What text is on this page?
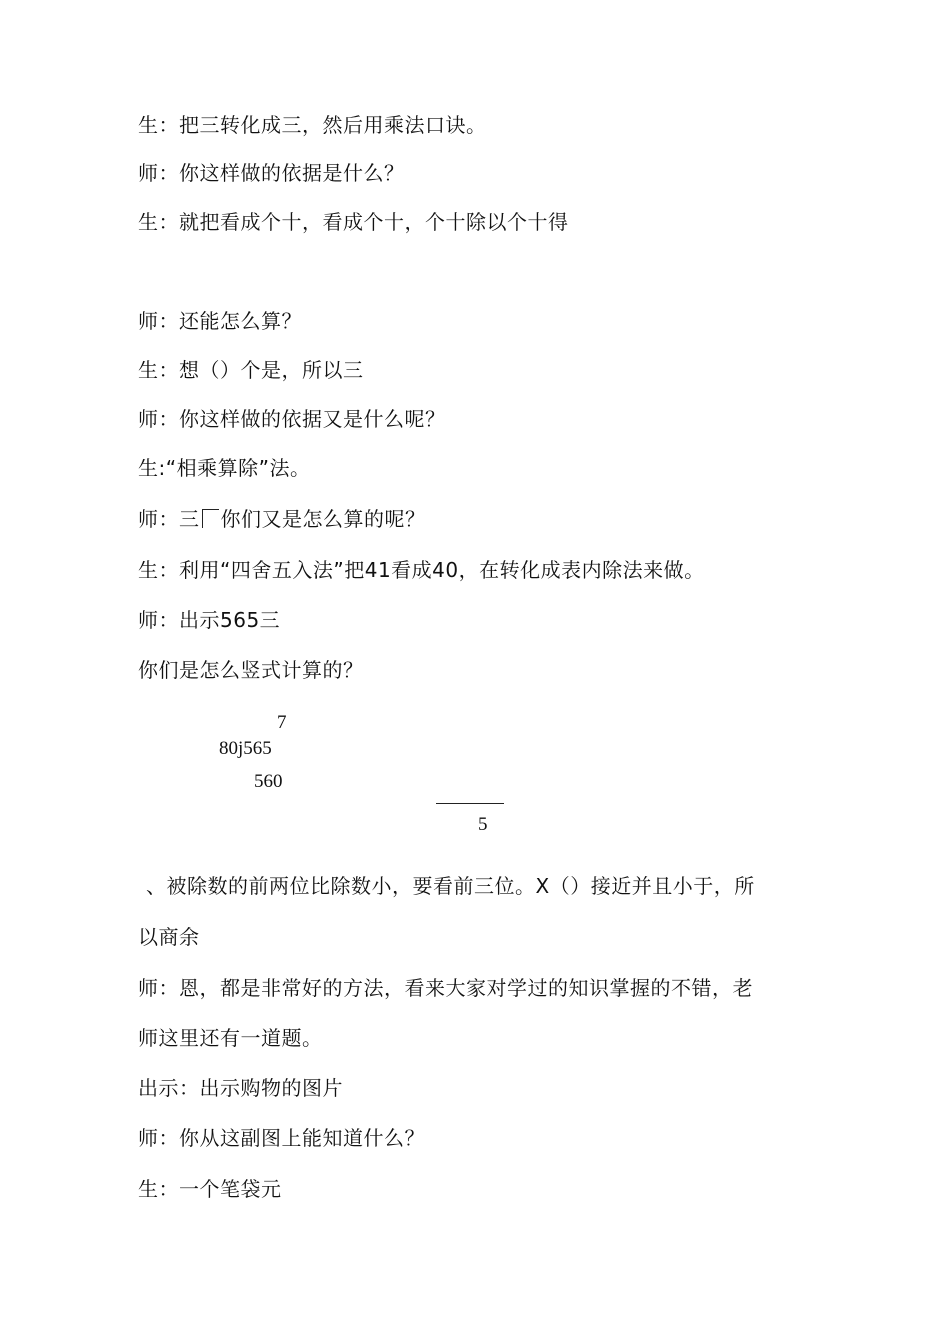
生：把三转化成三，然后用乘法口诀。
师：你这样做的依据是什么？
生：就把看成个十，看成个十，个十除以个十得
师：还能怎么算？
生：想（）个是，所以三
师：你这样做的依据又是什么呢？
生:“相乘算除”法。
师：三 你们又是怎么算的呢？
生：利用“四舍五入法”把41看成40，在转化成表内除法来做。
师：出示565三
你们是怎么竖式计算的？
7
80j565
560
5
、被除数的前两位比除数小，要看前三位。X（）接近并且小于，所
以商余
师：恩，都是非常好的方法，看来大家对学过的知识掌握的不错，老
师这里还有一道题。
出示：出示购物的图片
师：你从这副图上能知道什么？
生：一个笔袋元
